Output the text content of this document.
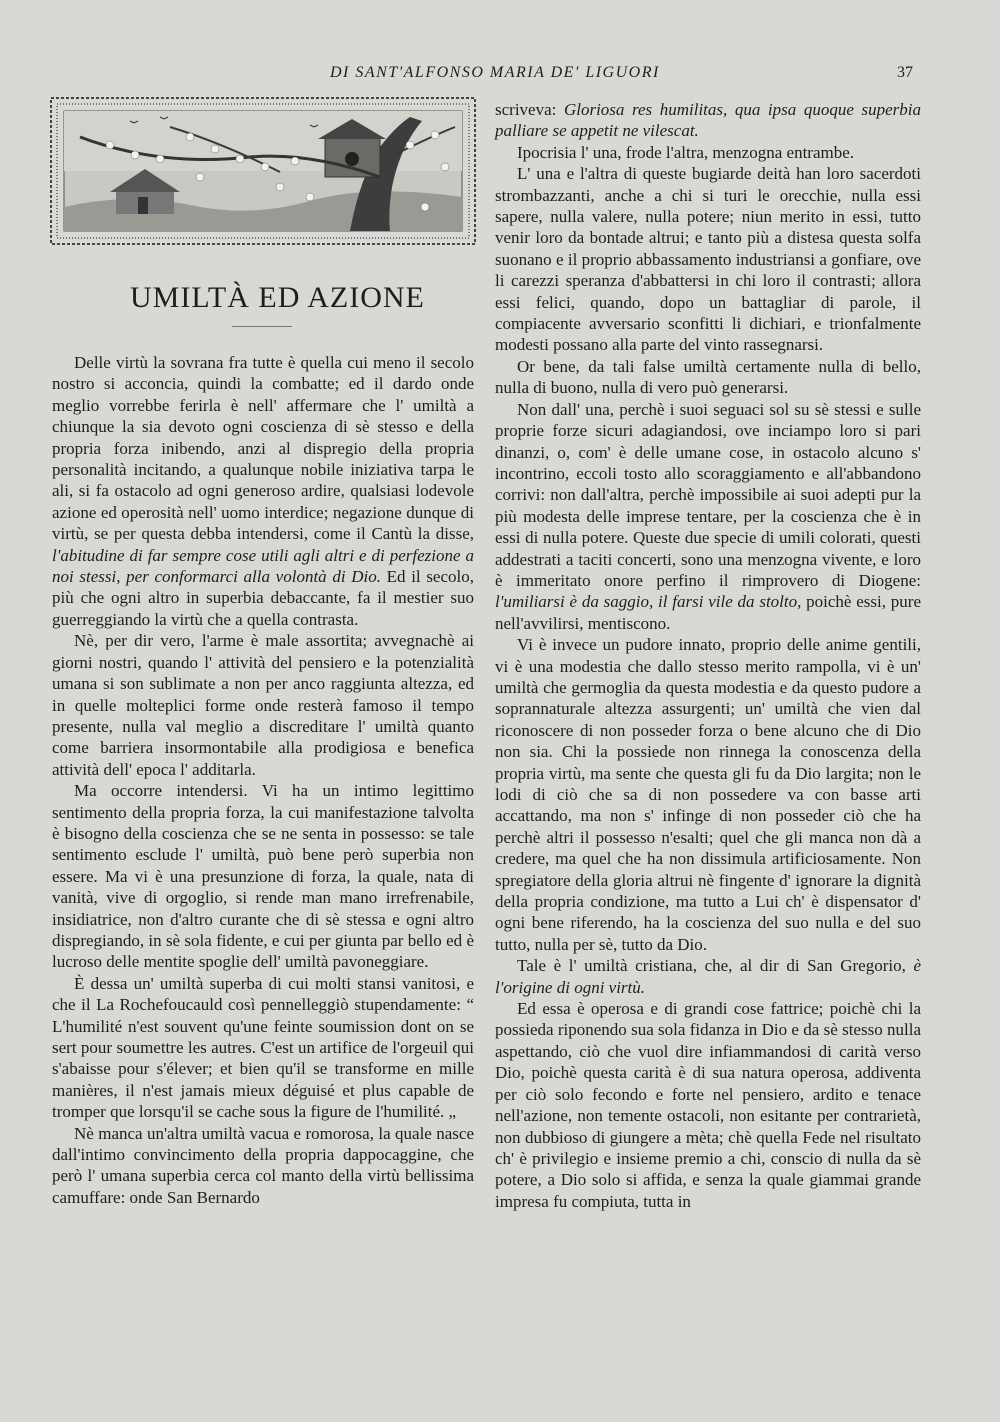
DI SANT'ALFONSO MARIA DE' LIGUORI	37
UMILTÀ ED AZIONE

Delle virtù la sovrana fra tutte è quella cui meno il secolo nostro si acconcia, quindi la combatte; ed il dardo onde meglio vorrebbe ferirla è nell' affermare che l' umiltà a chiunque la sia devoto ogni coscienza di sè stesso e della propria forza inibendo, anzi al dispregio della propria personalità incitando, a qualunque nobile iniziativa tarpa le ali, si fa ostacolo ad ogni generoso ardire, qualsiasi lodevole azione ed operosità nell' uomo interdice; negazione dunque di virtù, se per questa debba intendersi, come il Cantù la disse, l'abitudine di far sempre cose utili agli altri e di perfezione a noi stessi, per conformarci alla volontà di Dio. Ed il secolo, più che ogni altro in superbia debaccante, fa il mestier suo guerreggiando la virtù che a quella contrasta.

Nè, per dir vero, l'arme è male assortita; avvegnachè ai giorni nostri, quando l' attività del pensiero e la potenzialità umana si son sublimate a non per anco raggiunta altezza, ed in quelle molteplici forme onde resterà famoso il tempo presente, nulla val meglio a discreditare l' umiltà quanto come barriera insormontabile alla prodigiosa e benefica attività dell' epoca l' additarla.

Ma occorre intendersi. Vi ha un intimo legittimo sentimento della propria forza, la cui manifestazione talvolta è bisogno della coscienza che se ne senta in possesso: se tale sentimento esclude l' umiltà, può bene però superbia non essere. Ma vi è una presunzione di forza, la quale, nata di vanità, vive di orgoglio, si rende man mano irrefrenabile, insidiatrice, non d'altro curante che di sè stessa e ogni altro dispregiando, in sè sola fidente, e cui per giunta par bello ed è lucroso delle mentite spoglie dell' umiltà pavoneggiare.

È dessa un' umiltà superba di cui molti stansi vanitosi, e che il La Rochefoucauld così pennelleggiò stupendamente: “ L'humilité n'est souvent qu'une feinte soumission dont on se sert pour soumettre les autres. C'est un artifice de l'orgeuil qui s'abaisse pour s'élever; et bien qu'il se transforme en mille manières, il n'est jamais mieux déguisé et plus capable de tromper que lorsqu'il se cache sous la figure de l'humilité. „

Nè manca un'altra umiltà vacua e romorosa, la quale nasce dall'intimo convincimento della propria dappocaggine, che però l' umana superbia cerca col manto della virtù bellissima camuffare: onde San Bernardo

scriveva: Gloriosa res humilitas, qua ipsa quoque superbia palliare se appetit ne vilescat.

Ipocrisia l' una, frode l'altra, menzogna entrambe.

L' una e l'altra di queste bugiarde deità han loro sacerdoti strombazzanti, anche a chi si turi le orecchie, nulla essi sapere, nulla valere, nulla potere; niun merito in essi, tutto venir loro da bontade altrui; e tanto più a distesa questa solfa suonano e il proprio abbassamento industriansi a gonfiare, ove li carezzi speranza d'abbattersi in chi loro il contrasti; allora essi felici, quando, dopo un battagliar di parole, il compiacente avversario sconfitti li dichiari, e trionfalmente modesti possano alla parte del vinto rassegnarsi.

Or bene, da tali false umiltà certamente nulla di bello, nulla di buono, nulla di vero può generarsi.

Non dall' una, perchè i suoi seguaci sol su sè stessi e sulle proprie forze sicuri adagiandosi, ove inciampo loro si pari dinanzi, o, com' è delle umane cose, in ostacolo alcuno s' incontrino, eccoli tosto allo scoraggiamento e all'abbandono corrivi: non dall'altra, perchè impossibile ai suoi adepti pur la più modesta delle imprese tentare, per la coscienza che è in essi di nulla potere. Queste due specie di umili colorati, questi addestrati a taciti concerti, sono una menzogna vivente, e loro è immeritato onore perfino il rimprovero di Diogene: l'umiliarsi è da saggio, il farsi vile da stolto, poichè essi, pure nell'avvilirsi, mentiscono.

Vi è invece un pudore innato, proprio delle anime gentili, vi è una modestia che dallo stesso merito rampolla, vi è un' umiltà che germoglia da questa modestia e da questo pudore a soprannaturale altezza assurgenti; un' umiltà che vien dal riconoscere di non posseder forza o bene alcuno che di Dio non sia. Chi la possiede non rinnega la conoscenza della propria virtù, ma sente che questa gli fu da Dio largita; non le lodi di ciò che sa di non possedere va con basse arti accattando, ma non s' infinge di non posseder ciò che ha perchè altri il possesso n'esalti; quel che gli manca non dà a credere, ma quel che ha non dissimula artificiosamente. Non spregiatore della gloria altrui nè fingente d' ignorare la dignità della propria condizione, ma tutto a Lui ch' è dispensator d' ogni bene riferendo, ha la coscienza del suo nulla e del suo tutto, nulla per sè, tutto da Dio.

Tale è l' umiltà cristiana, che, al dir di San Gregorio, è l'origine di ogni virtù.

Ed essa è operosa e di grandi cose fattrice; poichè chi la possieda riponendo sua sola fidanza in Dio e da sè stesso nulla aspettando, ciò che vuol dire infiammandosi di carità verso Dio, poichè questa carità è di sua natura operosa, addiventa per ciò solo fecondo e forte nel pensiero, ardito e tenace nell'azione, non temente ostacoli, non esitante per contrarietà, non dubbioso di giungere a mèta; chè quella Fede nel risultato ch' è privilegio e insieme premio a chi, conscio di nulla da sè potere, a Dio solo si affida, e senza la quale giammai grande impresa fu compiuta, tutta in
